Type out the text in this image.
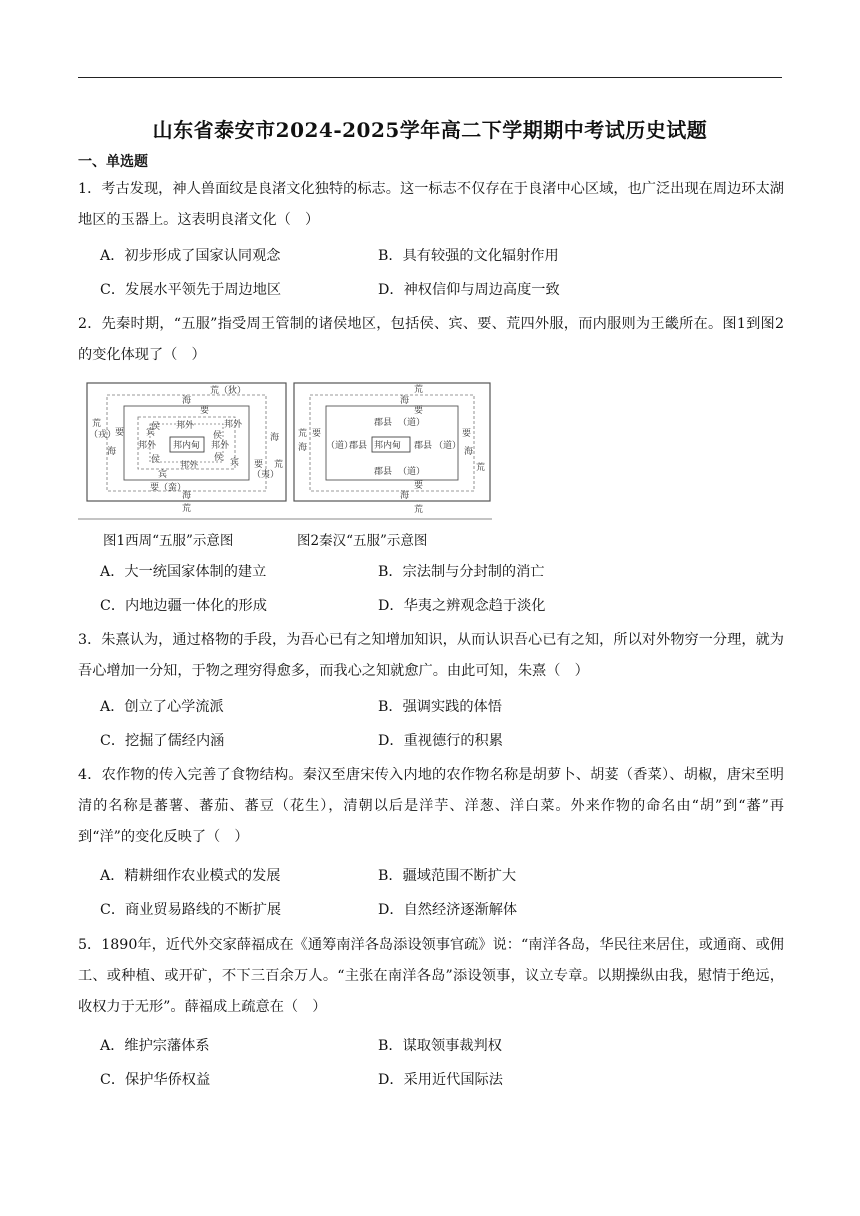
山东省泰安市2024-2025学年高二下学期期中考试历史试题
一、单选题
1．考古发现，神人兽面纹是良渚文化独特的标志。这一标志不仅存在于良渚中心区域，也广泛出现在周边环太湖地区的玉器上。这表明良渚文化（　）
A．初步形成了国家认同观念	B．具有较强的文化辐射作用
C．发展水平领先于周边地区	D．神权信仰与周边高度一致
2．先秦时期，“五服”指受周王管制的诸侯地区，包括侯、宾、要、荒四外服，而内服则为王畿所在。图1到图2的变化体现了（　）
荒（狄）
海
要
宾
侯 邦外
侯
邦外
邦外 邦内甸 邦外
侯
邦外
侯 宾
宾
荒
（戎）
要
海
要
（夷）
海
荒
要（蛮）
海
荒
荒
海
要
郡县 （道）
（道）
郡县 邦内甸 郡县 （道）
郡县 （道）
荒 要
海	海
要
荒
要
海
荒
图1西周“五服”示意图	图2秦汉“五服”示意图
A．大一统国家体制的建立	B．宗法制与分封制的消亡
C．内地边疆一体化的形成	D．华夷之辨观念趋于淡化
3．朱熹认为，通过格物的手段，为吾心已有之知增加知识，从而认识吾心已有之知，所以对外物穷一分理，就为吾心增加一分知，于物之理穷得愈多，而我心之知就愈广。由此可知，朱熹（　）
A．创立了心学流派	B．强调实践的体悟
C．挖掘了儒经内涵	D．重视德行的积累
4．农作物的传入完善了食物结构。秦汉至唐宋传入内地的农作物名称是胡萝卜、胡荽（香菜）、胡椒，唐宋至明清的名称是蕃薯、蕃茄、蕃豆（花生），清朝以后是洋芋、洋葱、洋白菜。外来作物的命名由“胡”到“蕃”再到“洋”的变化反映了（　）
A．精耕细作农业模式的发展	B．疆域范围不断扩大
C．商业贸易路线的不断扩展	D．自然经济逐渐解体
5．1890年，近代外交家薛福成在《通筹南洋各岛添设领事官疏》说：“南洋各岛，华民往来居住，或通商、或佣工、或种植、或开矿，不下三百余万人。“主张在南洋各岛”添设领事，议立专章。以期操纵由我，慰情于绝远，收权力于无形”。薛福成上疏意在（　）
A．维护宗藩体系	B．谋取领事裁判权
C．保护华侨权益	D．采用近代国际法
